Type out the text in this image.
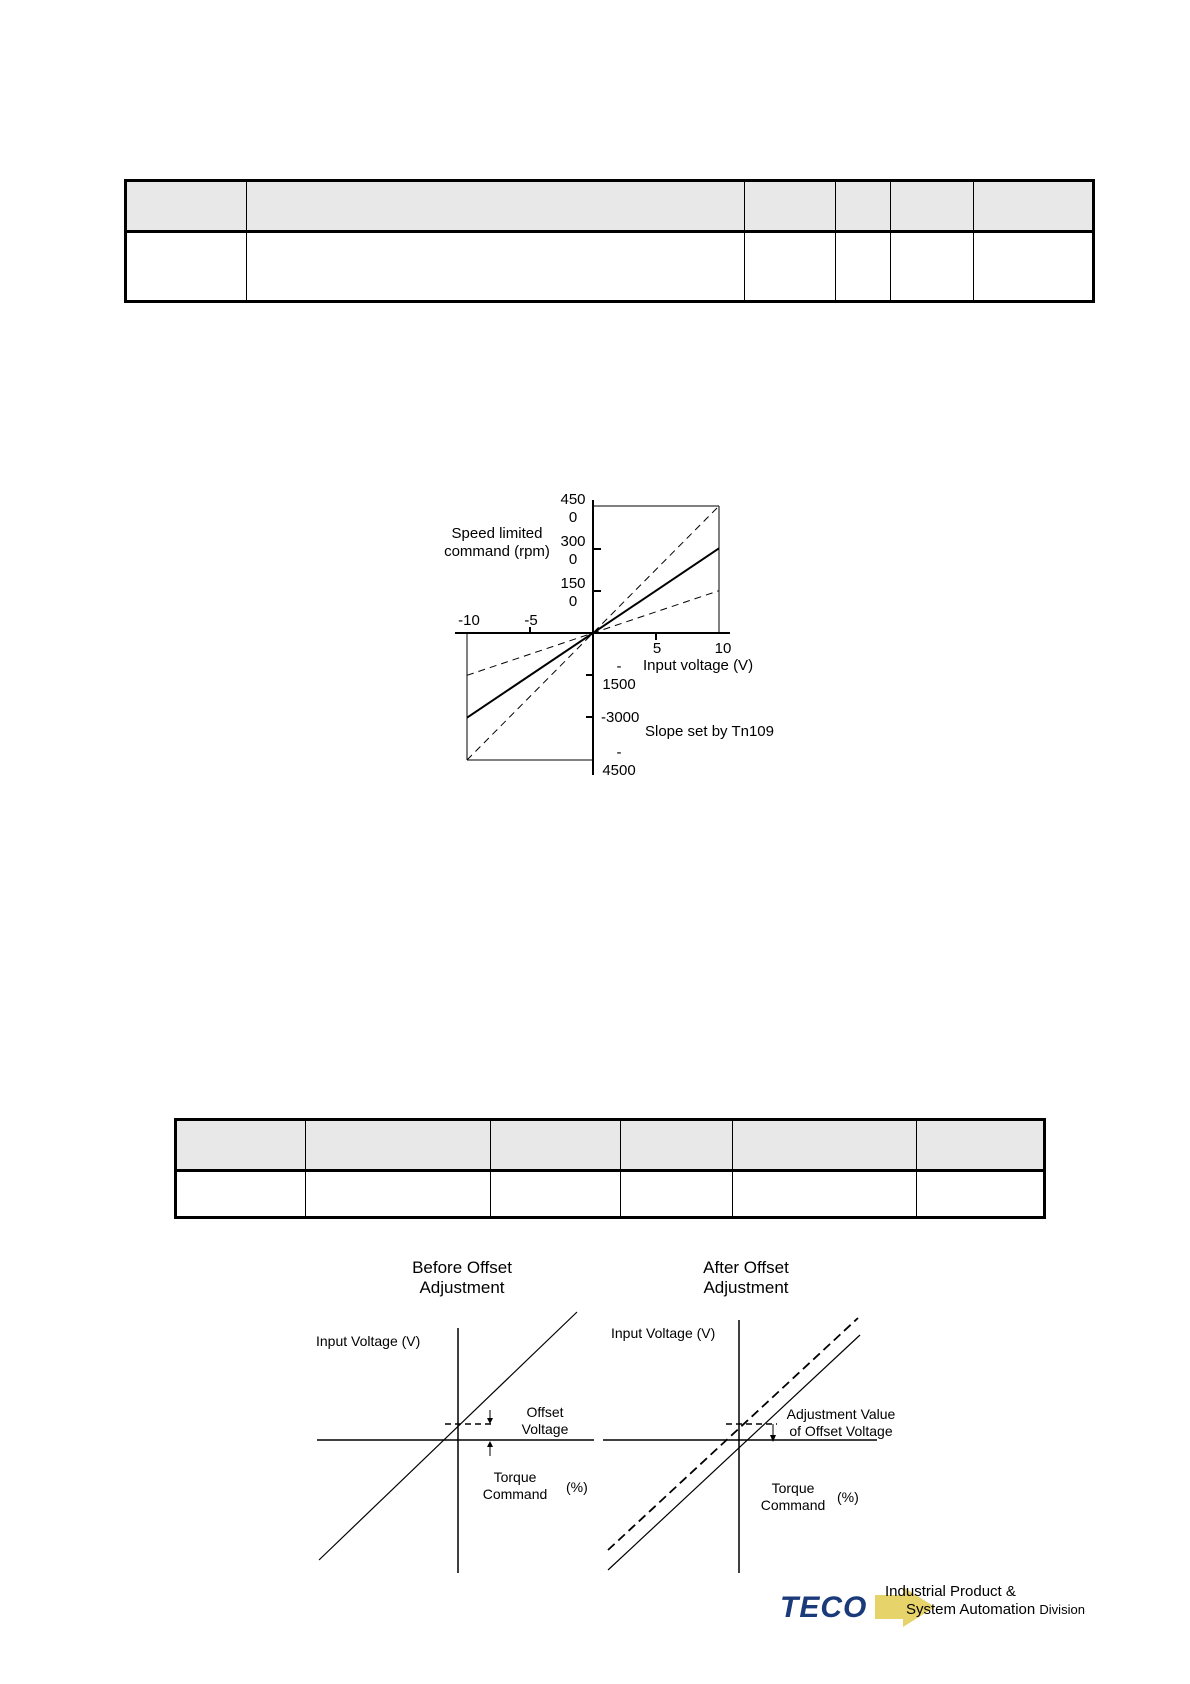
Speed limited
command (rpm)
450
0
300
0
150
0
-10	-5
5	10
Input voltage (V)
-
1500
-3000
Slope set by Tn109
-
4500

Before Offset
Adjustment
Input Voltage (V)
Offset
Voltage
Torque
Command (%)
After Offset
Adjustment
Input Voltage (V)
Adjustment Value
of Offset Voltage
Torque
Command (%)
TECO Industrial Product &
System Automation Division
